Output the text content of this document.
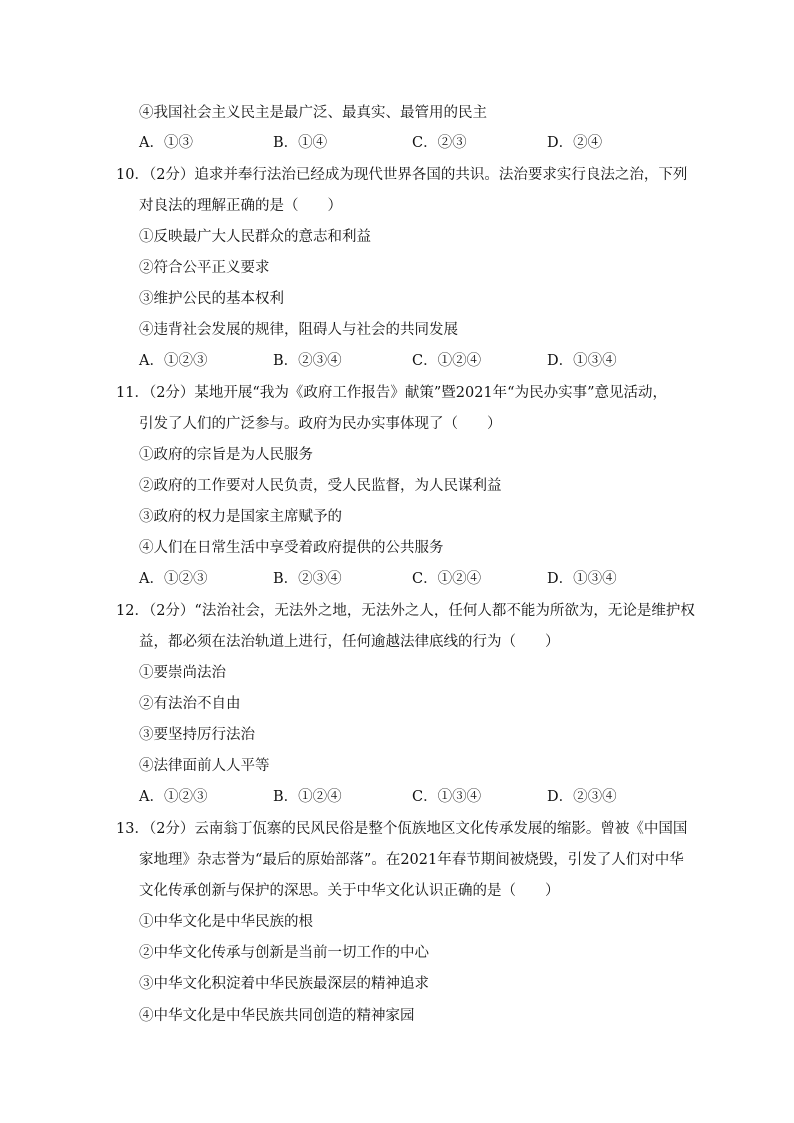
④我国社会主义民主是最广泛、最真实、最管用的民主
A．①③	B．①④	C．②③	D．②④
10．（2分）追求并奉行法治已经成为现代世界各国的共识。法治要求实行良法之治，下列
对良法的理解正确的是（　　）
①反映最广大人民群众的意志和利益
②符合公平正义要求
③维护公民的基本权利
④违背社会发展的规律，阻碍人与社会的共同发展
A．①②③	B．②③④	C．①②④	D．①③④
11．（2分）某地开展“我为《政府工作报告》献策”暨2021年“为民办实事”意见活动，
引发了人们的广泛参与。政府为民办实事体现了（　　）
①政府的宗旨是为人民服务
②政府的工作要对人民负责，受人民监督，为人民谋利益
③政府的权力是国家主席赋予的
④人们在日常生活中享受着政府提供的公共服务
A．①②③	B．②③④	C．①②④	D．①③④
12．（2分）“法治社会，无法外之地，无法外之人，任何人都不能为所欲为，无论是维护权
益，都必须在法治轨道上进行，任何逾越法律底线的行为（　　）
①要崇尚法治
②有法治不自由
③要坚持厉行法治
④法律面前人人平等
A．①②③	B．①②④	C．①③④	D．②③④
13．（2分）云南翁丁佤寨的民风民俗是整个佤族地区文化传承发展的缩影。曾被《中国国
家地理》杂志誉为“最后的原始部落”。在2021年春节期间被烧毁，引发了人们对中华
文化传承创新与保护的深思。关于中华文化认识正确的是（　　）
①中华文化是中华民族的根
②中华文化传承与创新是当前一切工作的中心
③中华文化积淀着中华民族最深层的精神追求
④中华文化是中华民族共同创造的精神家园
